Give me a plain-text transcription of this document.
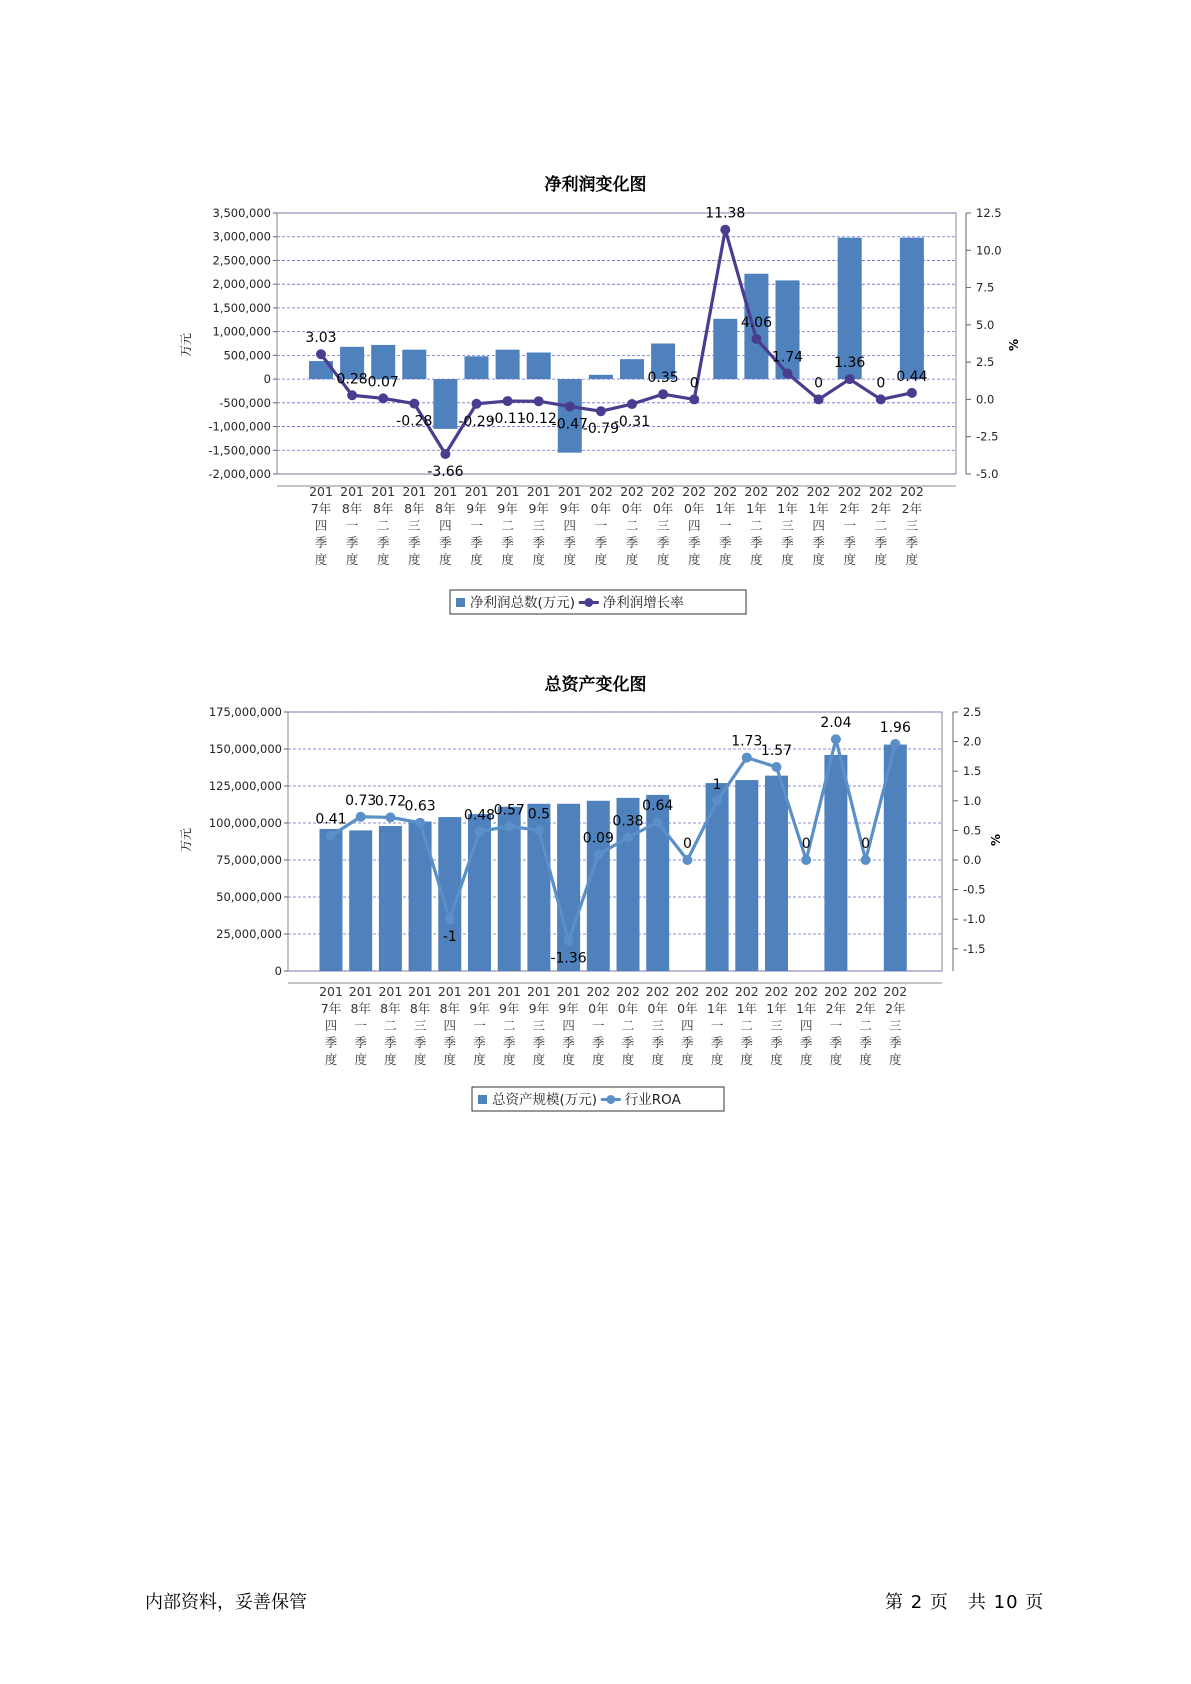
净利润变化图
3,500,000
3,000,000
2,500,000
2,000,000
1,500,000
1,000,000
500,000
0
-500,000
-1,000,000
-1,500,000
-2,000,000
12.5
10.0
7.5
5.0
2.5
0.0
-2.5
-5.0
万元	%
201
7年
四
季
度
201
8年
一
季
度
201
8年
二
季
度
201
8年
三
季
度
201
8年
四
季
度
201
9年
一
季
度
201
9年
二
季
度
201
9年
三
季
度
201
9年
四
季
度
202
0年
一
季
度
202
0年
二
季
度
202
0年
三
季
度
202
0年
四
季
度
202
1年
一
季
度
202
1年
二
季
度
202
1年
三
季
度
202
1年
四
季
度
202
2年
一
季
度
202
2年
二
季
度
202
2年
三
季
度
3.03
0.28 0.07
-0.28
-3.66
-0.29
-0.11
-0.12
-0.47
-0.79
-0.31
0.35 0
11.38
4.06
1.74
0
1.36
0 0.44
净利润总数(万元) 净利润增长率
总资产变化图
175,000,000
150,000,000
125,000,000
100,000,000
75,000,000
50,000,000
25,000,000
0
2.5
2.0
1.5
1.0
0.5
0.0
-0.5
-1.0
-1.5
万元	%
201
7年
四
季
度
201
8年
一
季
度
201
8年
二
季
度
201
8年
三
季
度
201
8年
四
季
度
201
9年
一
季
度
201
9年
二
季
度
201
9年
三
季
度
201
9年
四
季
度
202
0年
一
季
度
202
0年
二
季
度
202
0年
三
季
度
202
0年
四
季
度
202
1年
一
季
度
202
1年
二
季
度
202
1年
三
季
度
202
1年
四
季
度
202
2年
一
季
度
202
2年
二
季
度
202
2年
三
季
度
0.41
0.73
0.72
0.63
-1
0.48
0.57 0.5
-1.36
0.09
0.38
0.64
0
1
1.73
1.57
0
2.04
0
1.96
总资产规模(万元) 行业ROA
内部资料，妥善保管	第 2 页　共 10 页
